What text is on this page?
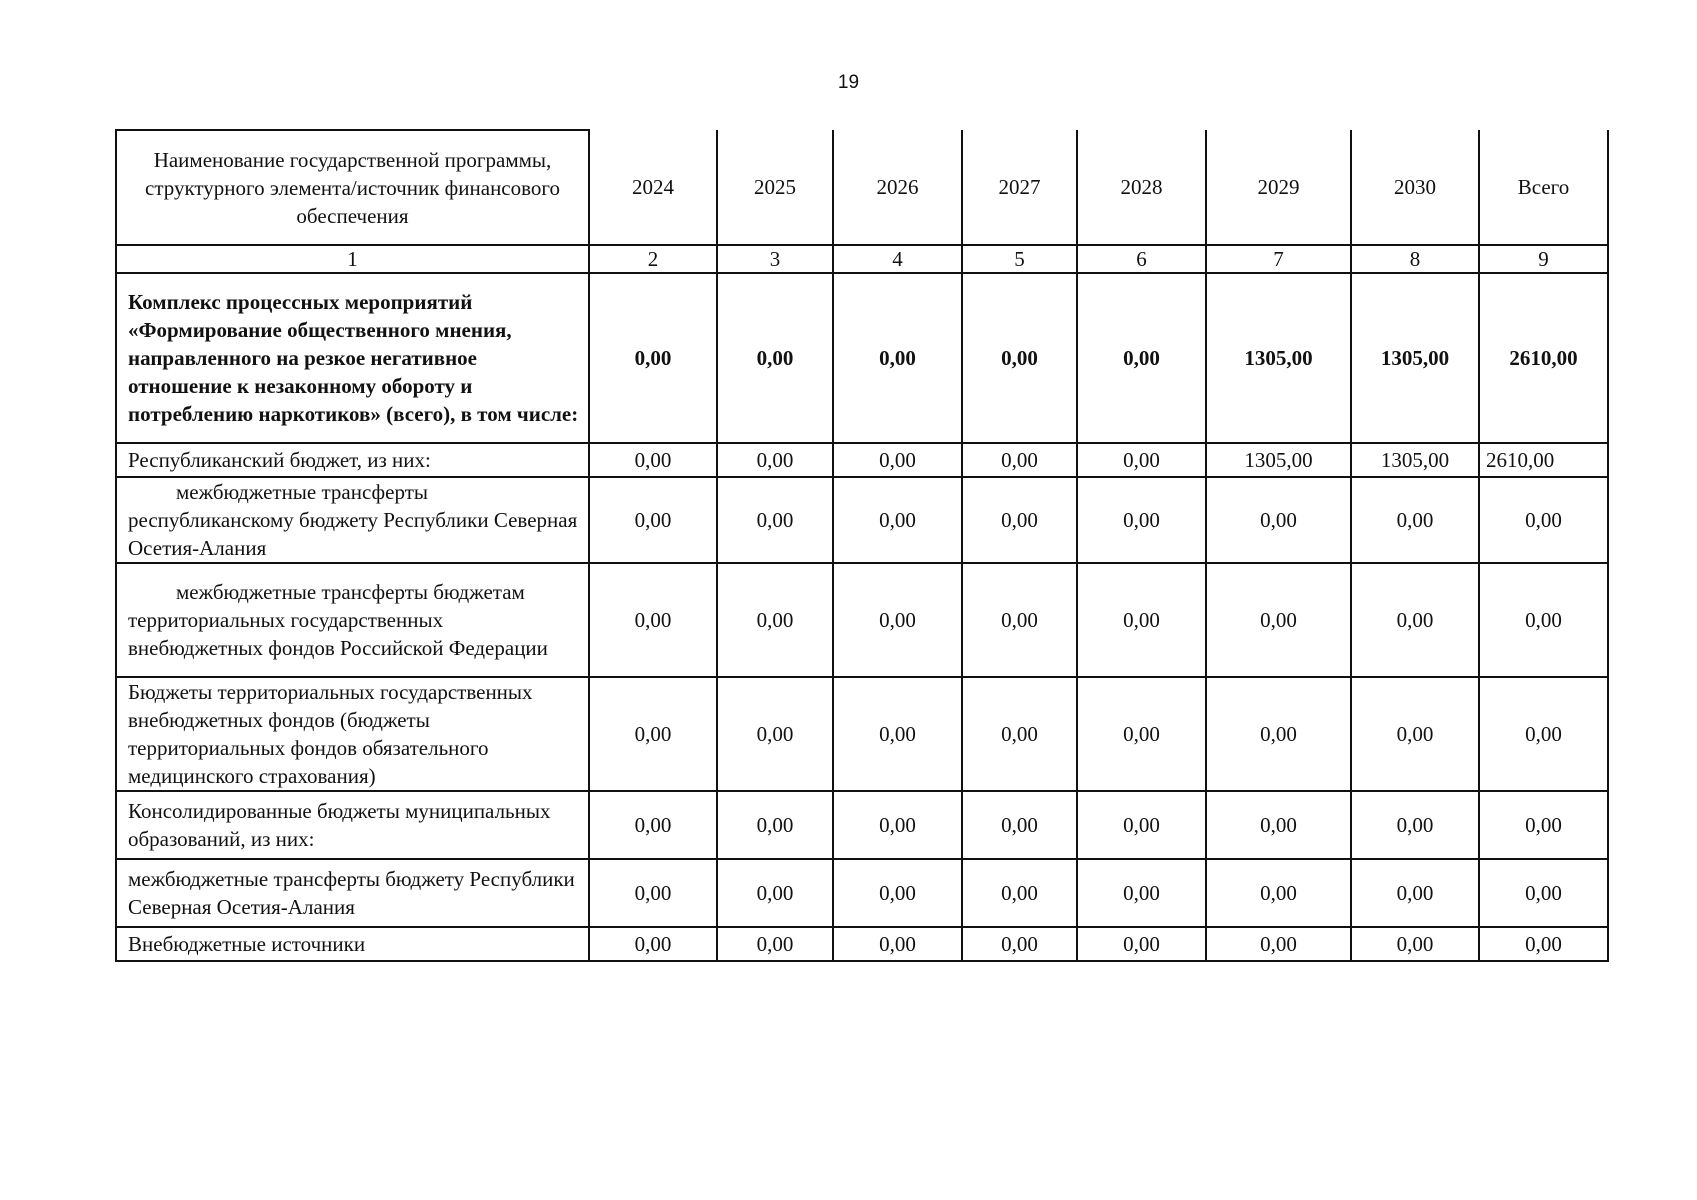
19
Наименование государственной программы, структурного элемента/источник финансового обеспечения	2024	2025	2026	2027	2028	2029	2030	Всего
1	2	3	4	5	6	7	8	9
Комплекс процессных мероприятий «Формирование общественного мнения, направленного на резкое негативное отношение к незаконному обороту и потреблению наркотиков» (всего), в том числе:	0,00	0,00	0,00	0,00	0,00	1305,00	1305,00	2610,00
Республиканский бюджет, из них:	0,00	0,00	0,00	0,00	0,00	1305,00	1305,00	2610,00
межбюджетные трансферты республиканскому бюджету Республики Северная Осетия-Алания	0,00	0,00	0,00	0,00	0,00	0,00	0,00	0,00
межбюджетные трансферты бюджетам территориальных государственных внебюджетных фондов Российской Федерации	0,00	0,00	0,00	0,00	0,00	0,00	0,00	0,00
Бюджеты территориальных государственных внебюджетных фондов (бюджеты территориальных фондов обязательного медицинского страхования)	0,00	0,00	0,00	0,00	0,00	0,00	0,00	0,00
Консолидированные бюджеты муниципальных образований, из них:	0,00	0,00	0,00	0,00	0,00	0,00	0,00	0,00
межбюджетные трансферты бюджету Республики Северная Осетия-Алания	0,00	0,00	0,00	0,00	0,00	0,00	0,00	0,00
Внебюджетные источники	0,00	0,00	0,00	0,00	0,00	0,00	0,00	0,00
